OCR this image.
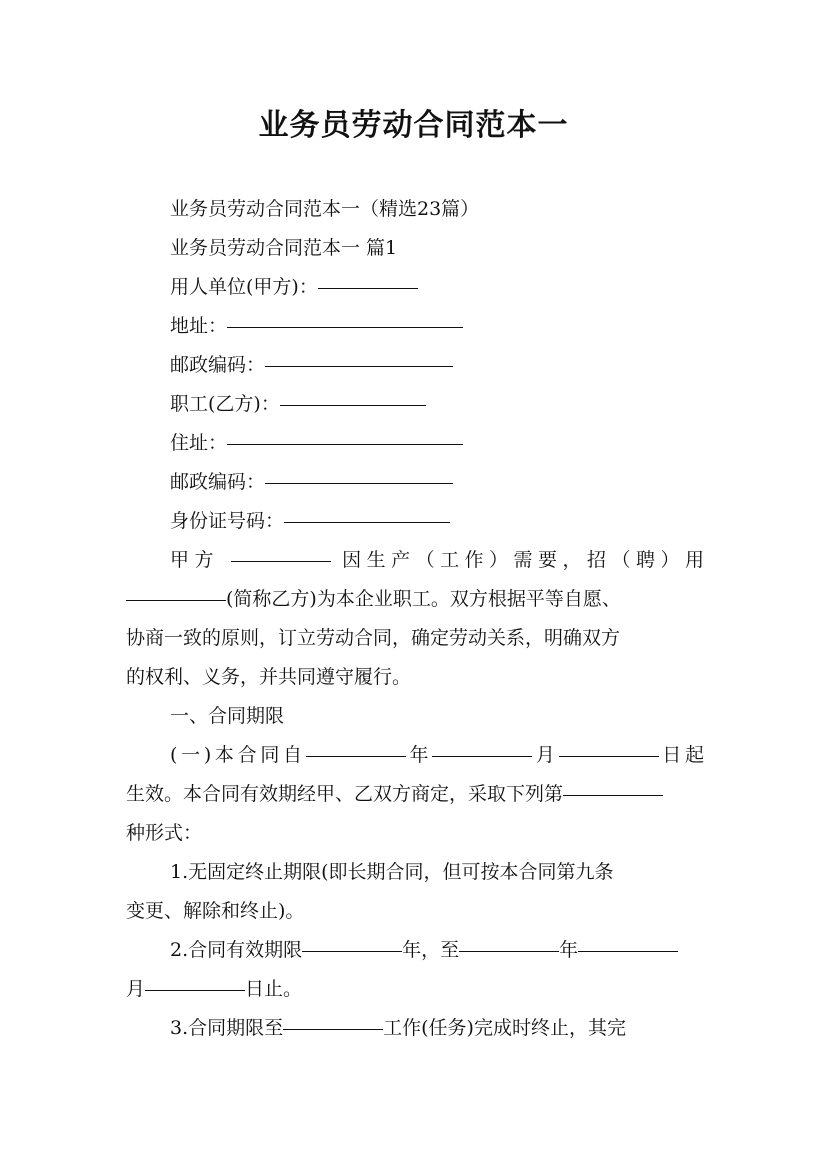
业务员劳动合同范本一
业务员劳动合同范本一（精选23篇）
业务员劳动合同范本一 篇1
用人单位(甲方)：
地址：
邮政编码：
职工(乙方)：
住址：
邮政编码：
身份证号码：
甲方	因生产（工作）需要，招（聘）用
(简称乙方)为本企业职工。双方根据平等自愿、
协商一致的原则，订立劳动合同，确定劳动关系，明确双方
的权利、义务，并共同遵守履行。
一、合同期限
(一)本合同自	年	月	日起
生效。本合同有效期经甲、乙双方商定，采取下列第
种形式：
1.无固定终止期限(即长期合同，但可按本合同第九条
变更、解除和终止)。
2.合同有效期限	年，至	年
月	日止。
3.合同期限至	工作(任务)完成时终止，其完
